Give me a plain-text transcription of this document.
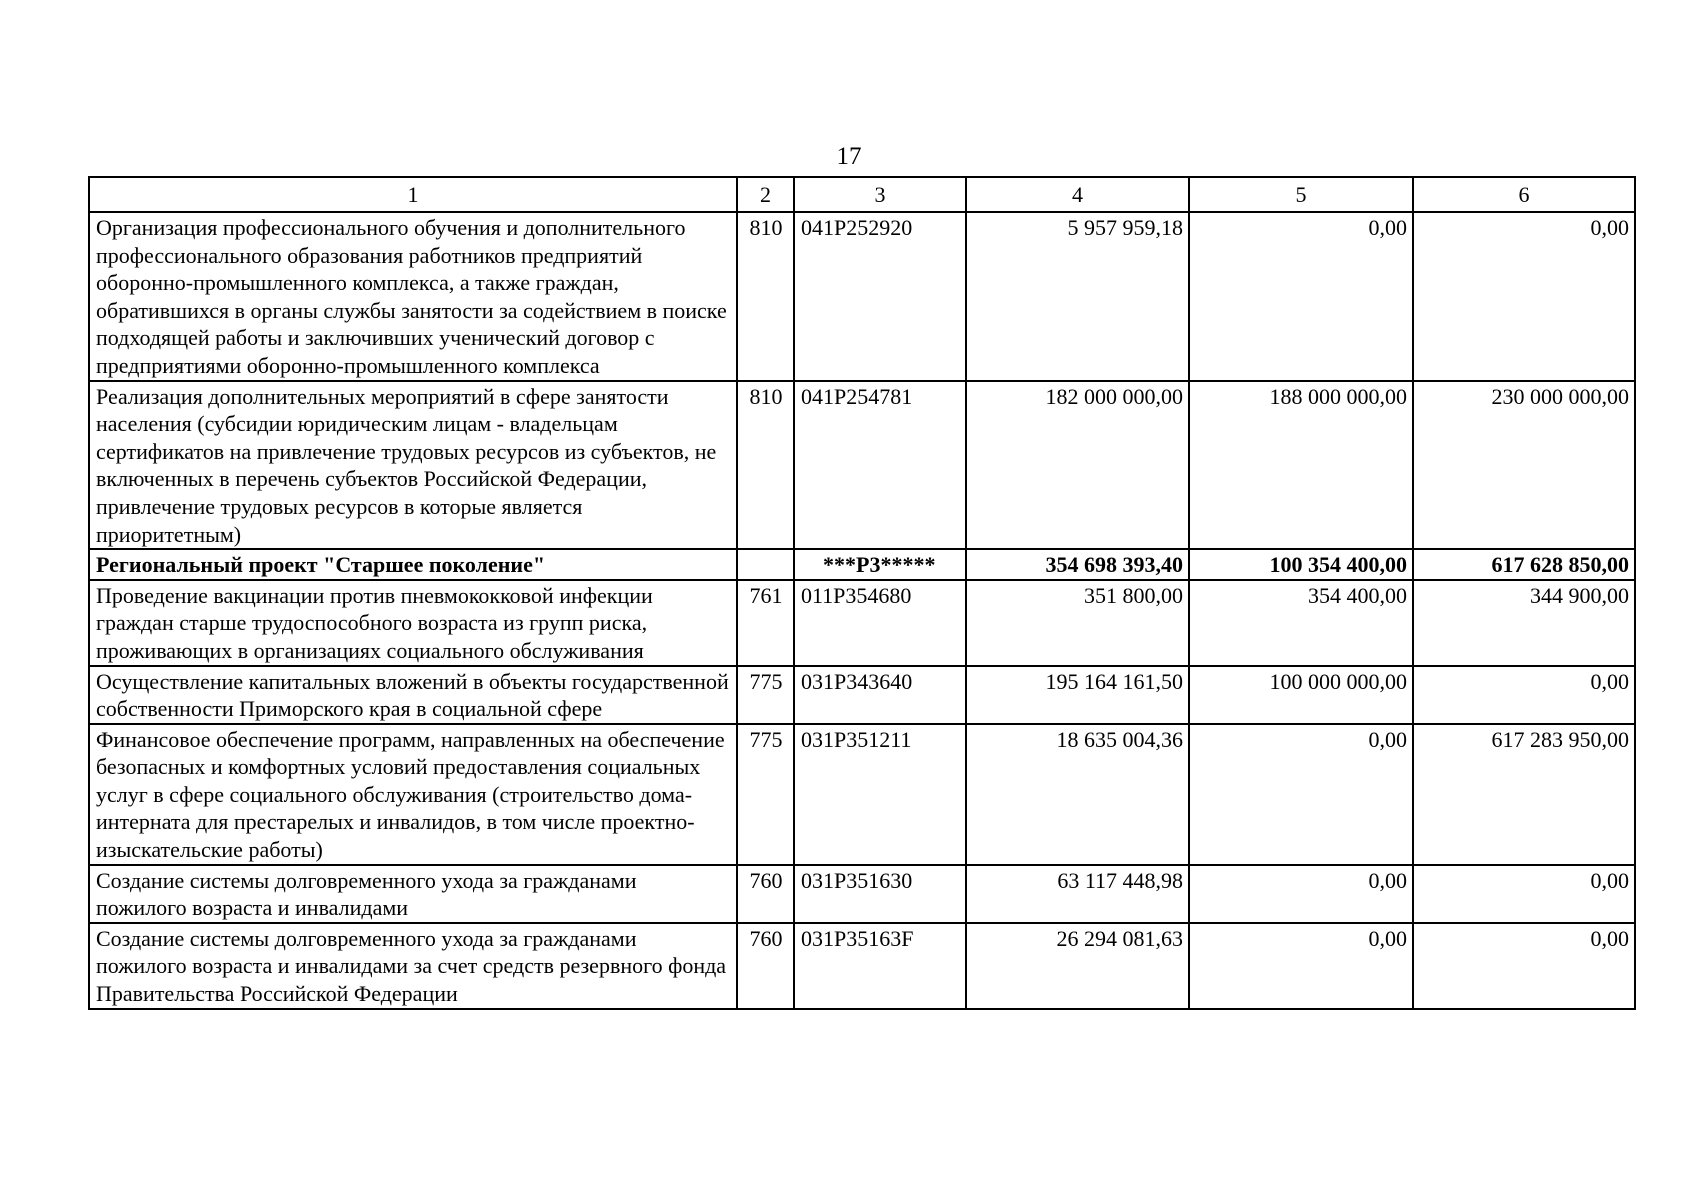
17
1	2	3	4	5	6
Организация профессионального обучения и дополнительного профессионального образования работников предприятий оборонно-промышленного комплекса, а также граждан, обратившихся в органы службы занятости за содействием в поиске подходящей работы и заключивших ученический договор с предприятиями оборонно-промышленного комплекса	810	041P252920	5 957 959,18	0,00	0,00
Реализация дополнительных мероприятий в сфере занятости населения (субсидии юридическим лицам - владельцам сертификатов на привлечение трудовых ресурсов из субъектов, не включенных в перечень субъектов Российской Федерации, привлечение трудовых ресурсов в которые является приоритетным)	810	041P254781	182 000 000,00	188 000 000,00	230 000 000,00
Региональный проект "Старшее поколение"		***P3*****	354 698 393,40	100 354 400,00	617 628 850,00
Проведение вакцинации против пневмококковой инфекции граждан старше трудоспособного возраста из групп риска, проживающих в организациях социального обслуживания	761	011P354680	351 800,00	354 400,00	344 900,00
Осуществление капитальных вложений в объекты государственной собственности Приморского края в социальной сфере	775	031P343640	195 164 161,50	100 000 000,00	0,00
Финансовое обеспечение программ, направленных на обеспечение безопасных и комфортных условий предоставления социальных услуг в сфере социального обслуживания (строительство дома-интерната для престарелых и инвалидов, в том числе проектно-изыскательские работы)	775	031P351211	18 635 004,36	0,00	617 283 950,00
Создание системы долговременного ухода за гражданами пожилого возраста и инвалидами	760	031P351630	63 117 448,98	0,00	0,00
Создание системы долговременного ухода за гражданами пожилого возраста и инвалидами за счет средств резервного фонда Правительства Российской Федерации	760	031P35163F	26 294 081,63	0,00	0,00
